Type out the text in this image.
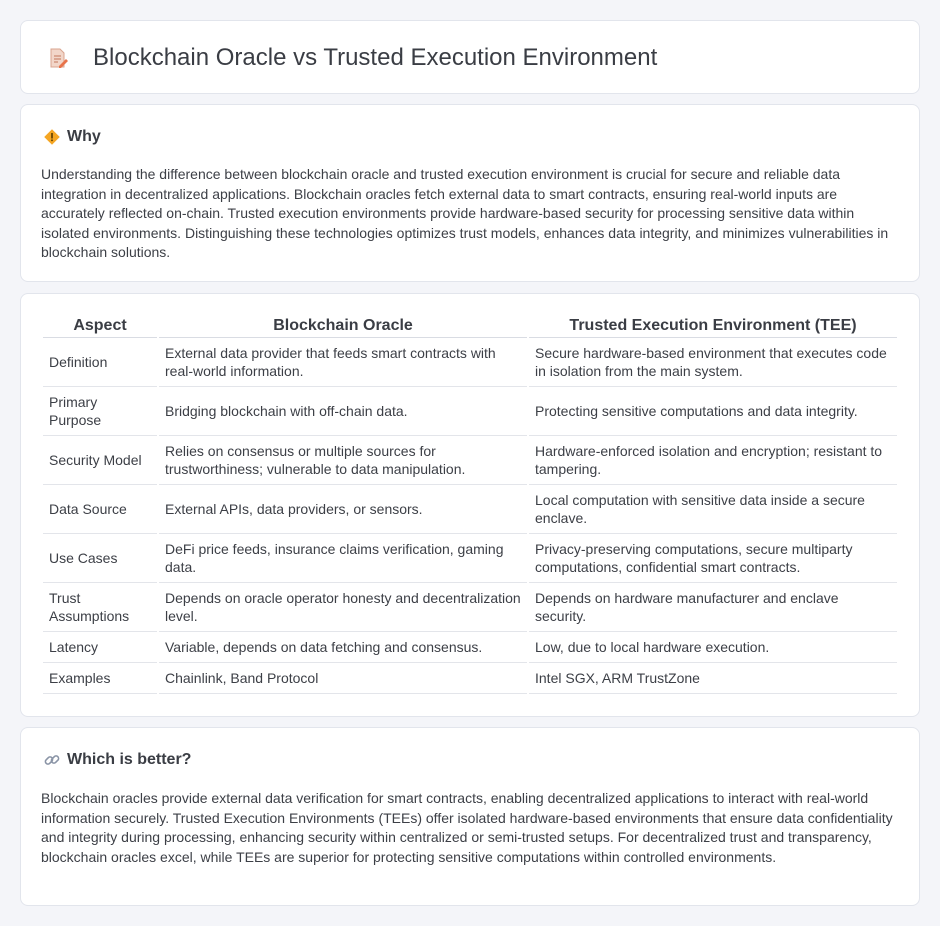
Blockchain Oracle vs Trusted Execution Environment
Why

Understanding the difference between blockchain oracle and trusted execution environment is crucial for secure and reliable data integration in decentralized applications. Blockchain oracles fetch external data to smart contracts, ensuring real-world inputs are accurately reflected on-chain. Trusted execution environments provide hardware-based security for processing sensitive data within isolated environments. Distinguishing these technologies optimizes trust models, enhances data integrity, and minimizes vulnerabilities in blockchain solutions.

Aspect	Blockchain Oracle	Trusted Execution Environment (TEE)
Definition	External data provider that feeds smart contracts with real-world information.	Secure hardware-based environment that executes code in isolation from the main system.
Primary Purpose	Bridging blockchain with off-chain data.	Protecting sensitive computations and data integrity.
Security Model	Relies on consensus or multiple sources for trustworthiness; vulnerable to data manipulation.	Hardware-enforced isolation and encryption; resistant to tampering.
Data Source	External APIs, data providers, or sensors.	Local computation with sensitive data inside a secure enclave.
Use Cases	DeFi price feeds, insurance claims verification, gaming data.	Privacy-preserving computations, secure multiparty computations, confidential smart contracts.
Trust Assumptions	Depends on oracle operator honesty and decentralization level.	Depends on hardware manufacturer and enclave security.
Latency	Variable, depends on data fetching and consensus.	Low, due to local hardware execution.
Examples	Chainlink, Band Protocol	Intel SGX, ARM TrustZone
Which is better?

Blockchain oracles provide external data verification for smart contracts, enabling decentralized applications to interact with real-world information securely. Trusted Execution Environments (TEEs) offer isolated hardware-based environments that ensure data confidentiality and integrity during processing, enhancing security within centralized or semi-trusted setups. For decentralized trust and transparency, blockchain oracles excel, while TEEs are superior for protecting sensitive computations within controlled environments.
